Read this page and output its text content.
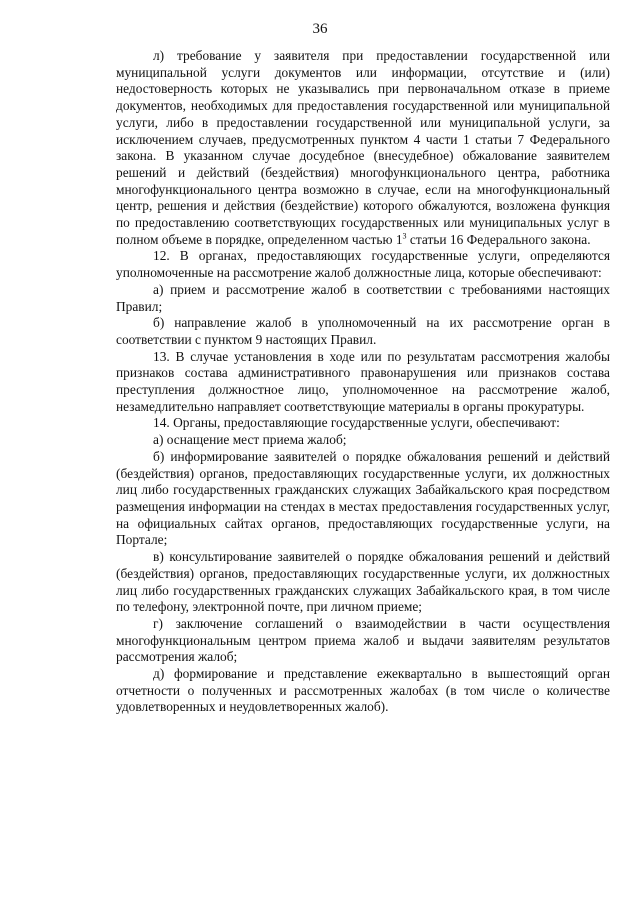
36

л) требование у заявителя при предоставлении государственной или муниципальной услуги документов или информации, отсутствие и (или) недостоверность которых не указывались при первоначальном отказе в приеме документов, необходимых для предоставления государственной или муниципальной услуги, либо в предоставлении государственной или муниципальной услуги, за исключением случаев, предусмотренных пунктом 4 части 1 статьи 7 Федерального закона. В указанном случае досудебное (внесудебное) обжалование заявителем решений и действий (бездействия) многофункционального центра, работника многофункционального центра возможно в случае, если на многофункциональный центр, решения и действия (бездействие) которого обжалуются, возложена функция по предоставлению соответствующих государственных или муниципальных услуг в полном объеме в порядке, определенном частью $1^3$ статьи 16 Федерального закона.

12. В органах, предоставляющих государственные услуги, определяются уполномоченные на рассмотрение жалоб должностные лица, которые обеспечивают:

а) прием и рассмотрение жалоб в соответствии с требованиями настоящих Правил;

б) направление жалоб в уполномоченный на их рассмотрение орган в соответствии с пунктом 9 настоящих Правил.

13. В случае установления в ходе или по результатам рассмотрения жалобы признаков состава административного правонарушения или признаков состава преступления должностное лицо, уполномоченное на рассмотрение жалоб, незамедлительно направляет соответствующие материалы в органы прокуратуры.

14. Органы, предоставляющие государственные услуги, обеспечивают:

а) оснащение мест приема жалоб;

б) информирование заявителей о порядке обжалования решений и действий (бездействия) органов, предоставляющих государственные услуги, их должностных лиц либо государственных гражданских служащих Забайкальского края посредством размещения информации на стендах в местах предоставления государственных услуг, на официальных сайтах органов, предоставляющих государственные услуги, на Портале;

в) консультирование заявителей о порядке обжалования решений и действий (бездействия) органов, предоставляющих государственные услуги, их должностных лиц либо государственных гражданских служащих Забайкальского края, в том числе по телефону, электронной почте, при личном приеме;

г) заключение соглашений о взаимодействии в части осуществления многофункциональным центром приема жалоб и выдачи заявителям результатов рассмотрения жалоб;

д) формирование и представление ежеквартально в вышестоящий орган отчетности о полученных и рассмотренных жалобах (в том числе о количестве удовлетворенных и неудовлетворенных жалоб).
